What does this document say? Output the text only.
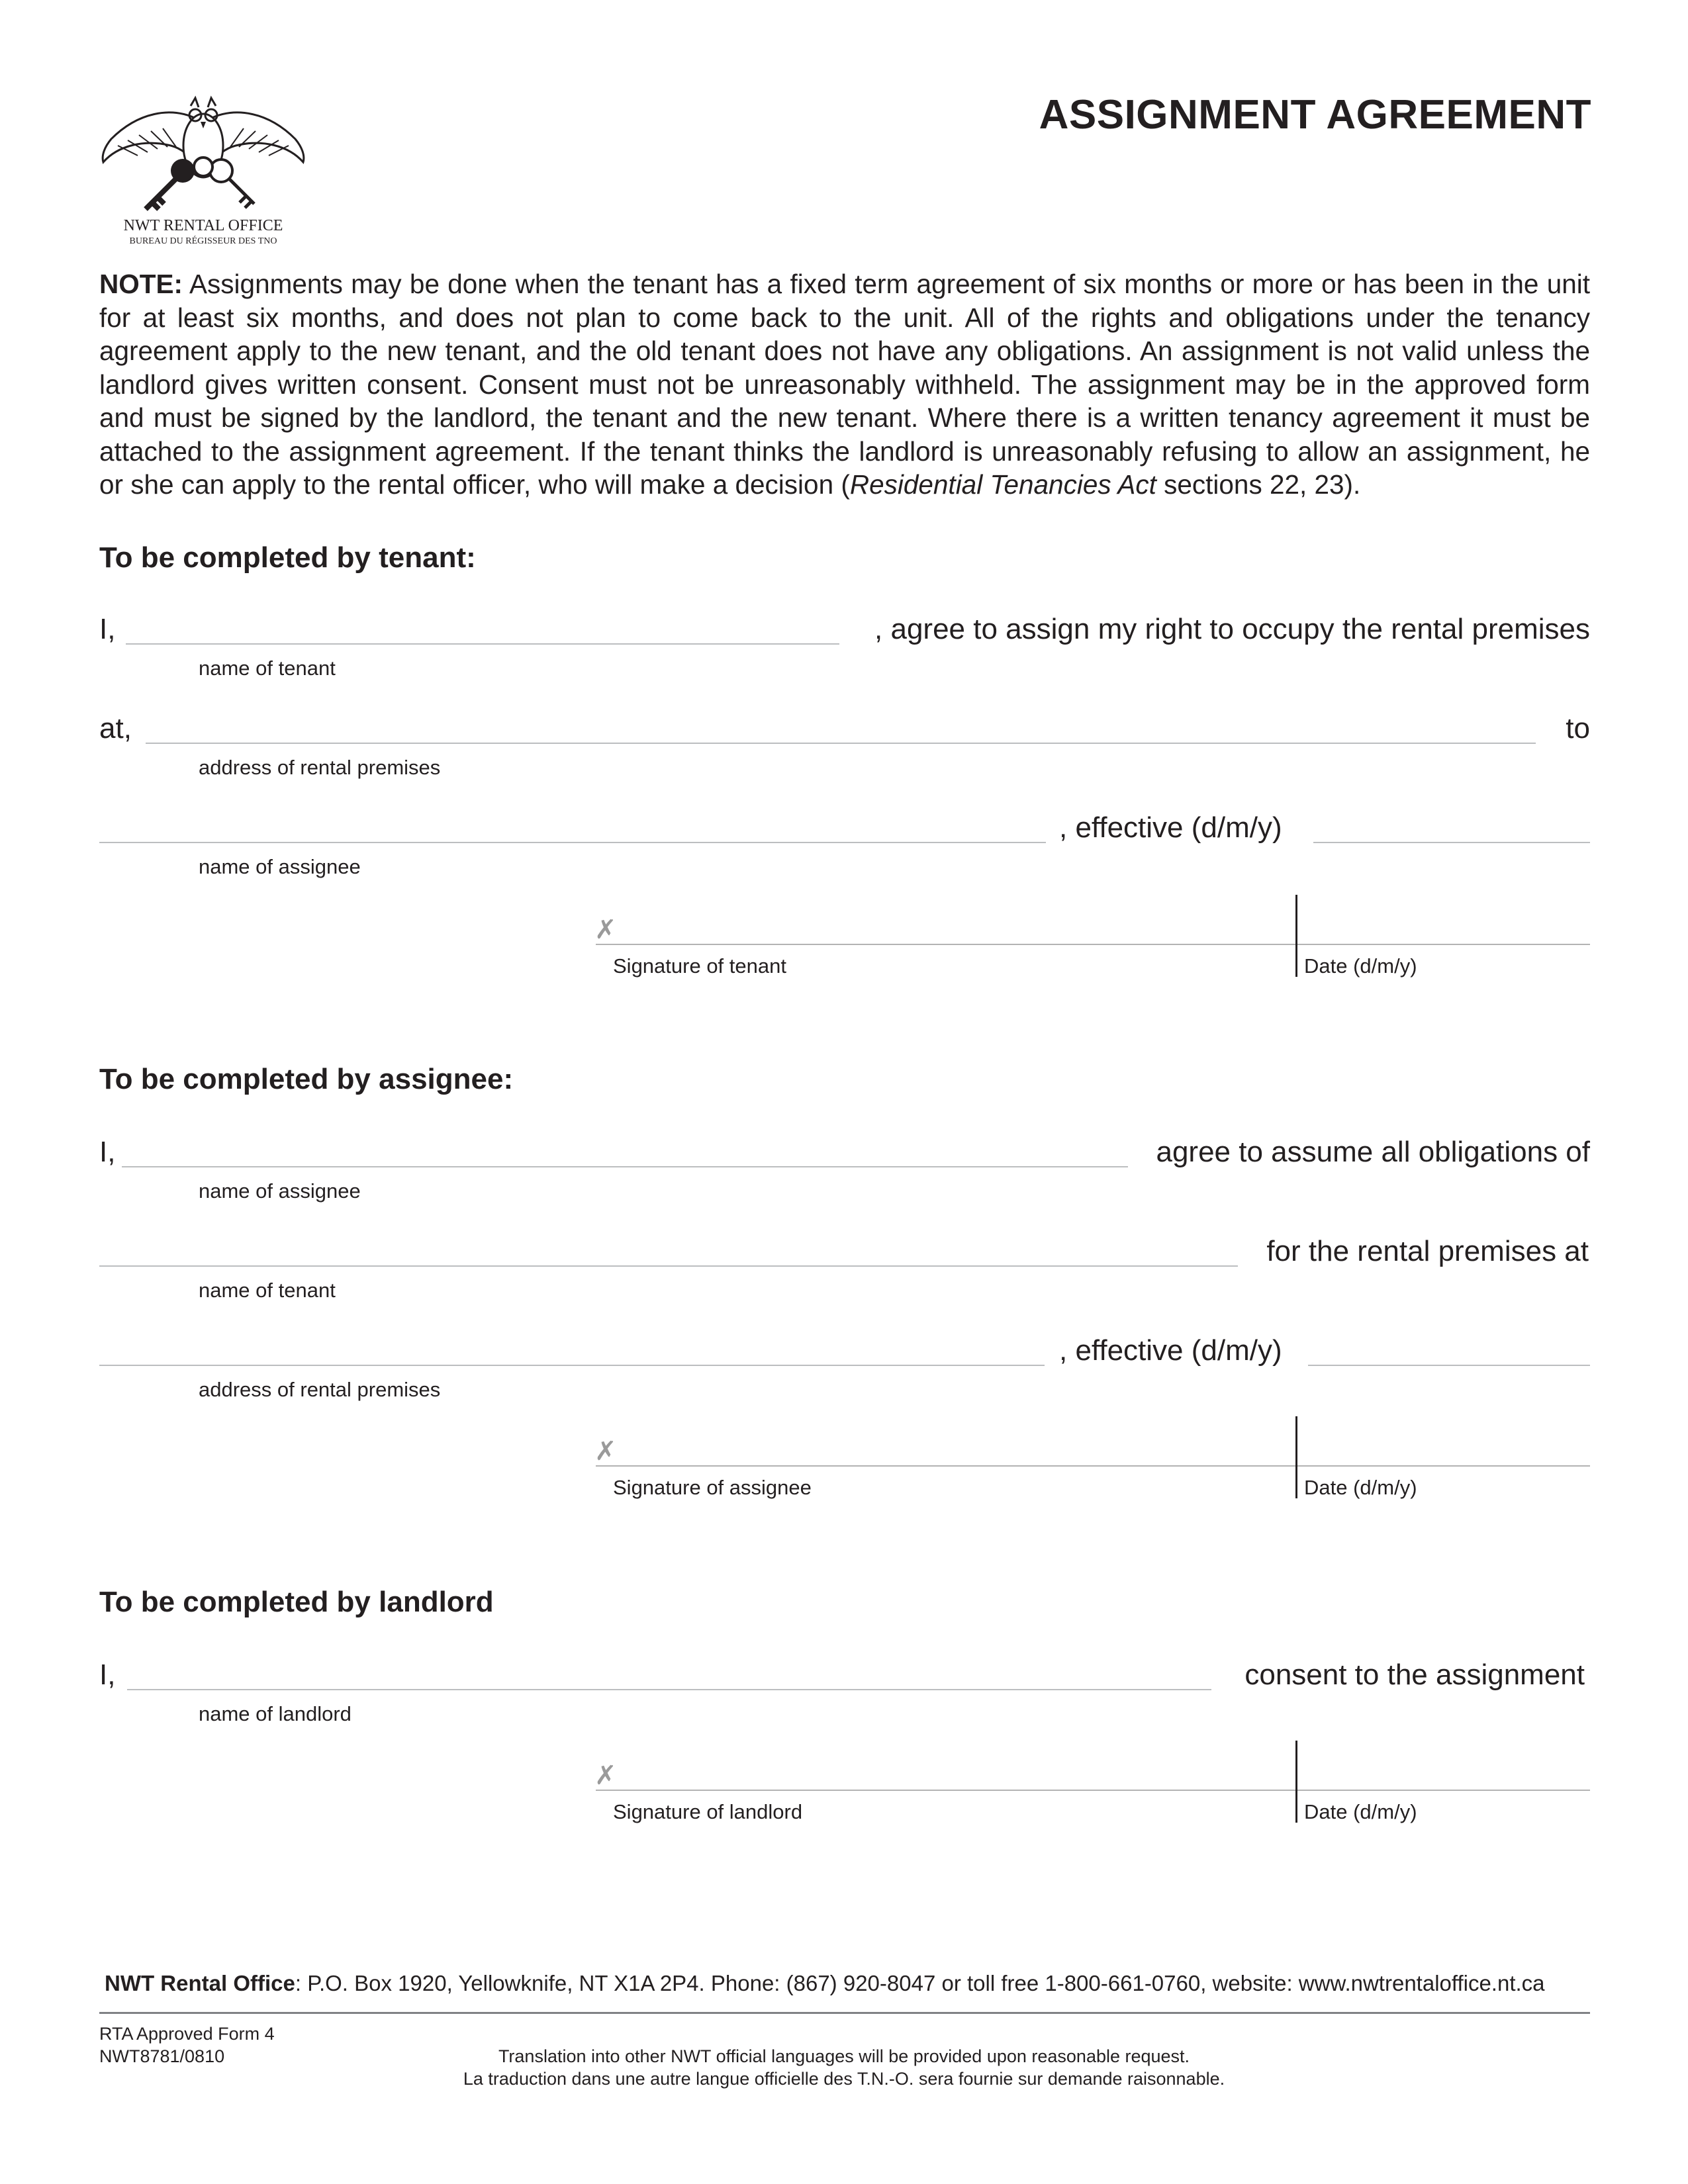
NWT RENTAL OFFICE
BUREAU DU RÉGISSEUR DES TNO
ASSIGNMENT AGREEMENT
NOTE: Assignments may be done when the tenant has a fixed term agreement of six months or more or has been in the unit for at least six months, and does not plan to come back to the unit. All of the rights and obligations under the tenancy agreement apply to the new tenant, and the old tenant does not have any obligations. An assignment is not valid unless the landlord gives written consent. Consent must not be unreasonably withheld. The assignment may be in the approved form and must be signed by the landlord, the tenant and the new tenant. Where there is a written tenancy agreement it must be attached to the assignment agreement. If the tenant thinks the landlord is unreasonably refusing to allow an assignment, he or she can apply to the rental officer, who will make a decision (Residential Tenancies Act sections 22, 23).
To be completed by tenant:
I,	, agree to assign my right to occupy the rental premises
name of tenant
at,	to
address of rental premises
, effective (d/m/y)
name of assignee
✗
Signature of tenant	Date (d/m/y)
To be completed by assignee:
I,	agree to assume all obligations of
name of assignee
for the rental premises at
name of tenant
, effective (d/m/y)
address of rental premises
✗
Signature of assignee	Date (d/m/y)
To be completed by landlord
I,	consent to the assignment
name of landlord
✗
Signature of landlord	Date (d/m/y)
NWT Rental Office: P.O. Box 1920, Yellowknife, NT X1A 2P4. Phone: (867) 920-8047 or toll free 1-800-661-0760, website: www.nwtrentaloffice.nt.ca
RTA Approved Form 4
NWT8781/0810	Translation into other NWT official languages will be provided upon reasonable request.
La traduction dans une autre langue officielle des T.N.-O. sera fournie sur demande raisonnable.
